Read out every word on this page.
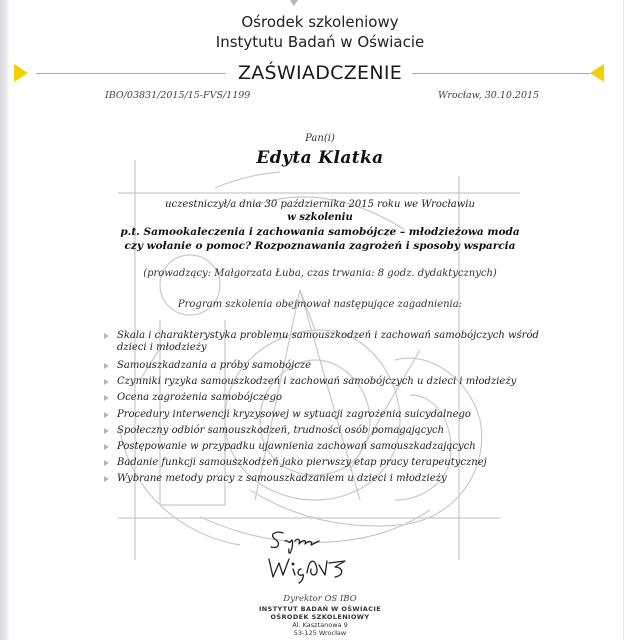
Ośrodek szkoleniowy
Instytutu Badań w Oświacie
ZAŚWIADCZENIE
IBO/03831/2015/15-FVS/1199	Wrocław, 30.10.2015
Pan(i)
Edyta Klatka
uczestniczył/a dnia 30 października 2015 roku we Wrocławiu
w szkoleniu
p.t. Samookaleczenia i zachowania samobójcze – młodzieżowa moda
czy wołanie o pomoc? Rozpoznawania zagrożeń i sposoby wsparcia
(prowadzący: Małgorzata Łuba, czas trwania: 8 godz. dydaktycznych)
Program szkolenia obejmował następujące zagadnienia:
Skala i charakterystyka problemu samouszkodzeń i zachowań samobójczych wśród dzieci i młodzieży
Samouszkadzania a próby samobójcze
Czynniki ryzyka samouszkodzeń i zachowań samobójczych u dzieci i młodzieży
Ocena zagrożenia samobójczego
Procedury interwencji kryzysowej w sytuacji zagrożenia suicydalnego
Społeczny odbiór samouszkodzeń, trudności osób pomagających
Postępowanie w przypadku ujawnienia zachowań samouszkadzających
Badanie funkcji samouszkodzeń jako pierwszy etap pracy terapeutycznej
Wybrane metody pracy z samouszkadzaniem u dzieci i młodzieży
Dyrektor OS IBO
INSTYTUT BADAŃ W OŚWIACIE
OŚRODEK SZKOLENIOWY
Al. Kasztanowa 9
53-125 Wrocław
